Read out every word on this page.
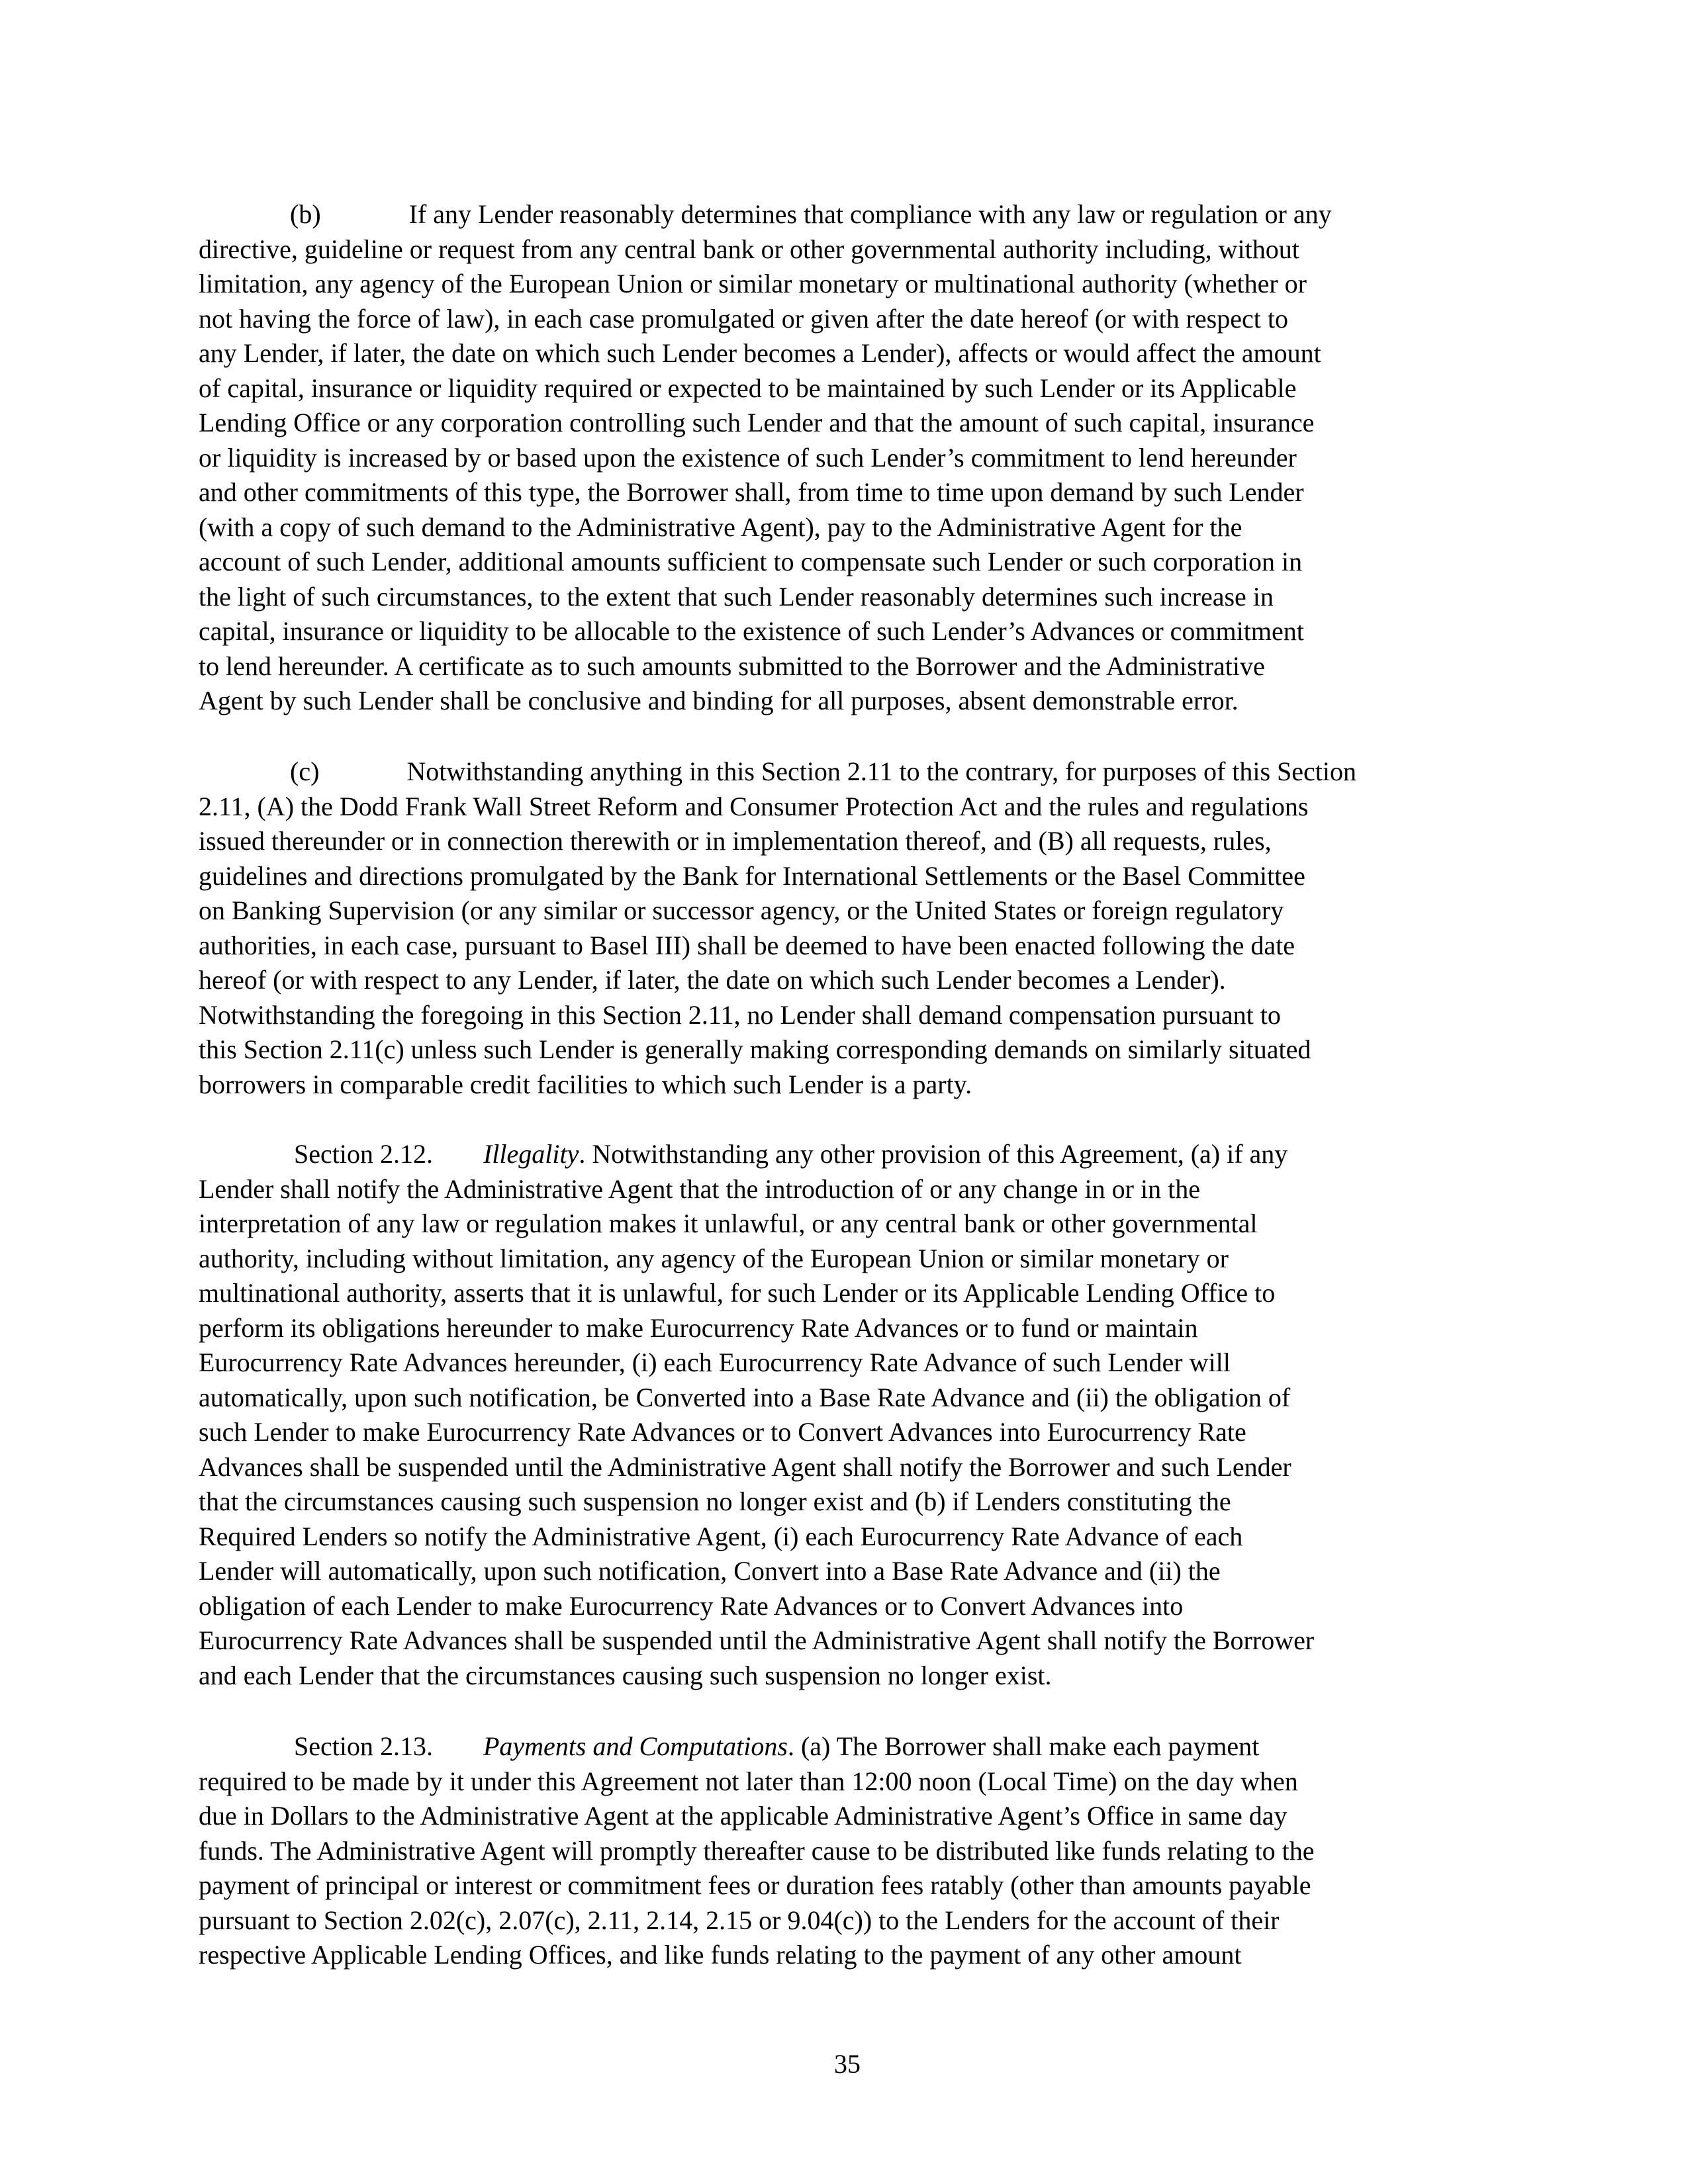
(b)	If any Lender reasonably determines that compliance with any law or regulation or any
directive, guideline or request from any central bank or other governmental authority including, without
limitation, any agency of the European Union or similar monetary or multinational authority (whether or
not having the force of law), in each case promulgated or given after the date hereof (or with respect to
any Lender, if later, the date on which such Lender becomes a Lender), affects or would affect the amount
of capital, insurance or liquidity required or expected to be maintained by such Lender or its Applicable
Lending Office or any corporation controlling such Lender and that the amount of such capital, insurance
or liquidity is increased by or based upon the existence of such Lender’s commitment to lend hereunder
and other commitments of this type, the Borrower shall, from time to time upon demand by such Lender
(with a copy of such demand to the Administrative Agent), pay to the Administrative Agent for the
account of such Lender, additional amounts sufficient to compensate such Lender or such corporation in
the light of such circumstances, to the extent that such Lender reasonably determines such increase in
capital, insurance or liquidity to be allocable to the existence of such Lender’s Advances or commitment
to lend hereunder. A certificate as to such amounts submitted to the Borrower and the Administrative
Agent by such Lender shall be conclusive and binding for all purposes, absent demonstrable error.
(c)	Notwithstanding anything in this Section 2.11 to the contrary, for purposes of this Section
2.11, (A) the Dodd Frank Wall Street Reform and Consumer Protection Act and the rules and regulations
issued thereunder or in connection therewith or in implementation thereof, and (B) all requests, rules,
guidelines and directions promulgated by the Bank for International Settlements or the Basel Committee
on Banking Supervision (or any similar or successor agency, or the United States or foreign regulatory
authorities, in each case, pursuant to Basel III) shall be deemed to have been enacted following the date
hereof (or with respect to any Lender, if later, the date on which such Lender becomes a Lender).
Notwithstanding the foregoing in this Section 2.11, no Lender shall demand compensation pursuant to
this Section 2.11(c) unless such Lender is generally making corresponding demands on similarly situated
borrowers in comparable credit facilities to which such Lender is a party.
Section 2.12. Illegality. Notwithstanding any other provision of this Agreement, (a) if any
Lender shall notify the Administrative Agent that the introduction of or any change in or in the
interpretation of any law or regulation makes it unlawful, or any central bank or other governmental
authority, including without limitation, any agency of the European Union or similar monetary or
multinational authority, asserts that it is unlawful, for such Lender or its Applicable Lending Office to
perform its obligations hereunder to make Eurocurrency Rate Advances or to fund or maintain
Eurocurrency Rate Advances hereunder, (i) each Eurocurrency Rate Advance of such Lender will
automatically, upon such notification, be Converted into a Base Rate Advance and (ii) the obligation of
such Lender to make Eurocurrency Rate Advances or to Convert Advances into Eurocurrency Rate
Advances shall be suspended until the Administrative Agent shall notify the Borrower and such Lender
that the circumstances causing such suspension no longer exist and (b) if Lenders constituting the
Required Lenders so notify the Administrative Agent, (i) each Eurocurrency Rate Advance of each
Lender will automatically, upon such notification, Convert into a Base Rate Advance and (ii) the
obligation of each Lender to make Eurocurrency Rate Advances or to Convert Advances into
Eurocurrency Rate Advances shall be suspended until the Administrative Agent shall notify the Borrower
and each Lender that the circumstances causing such suspension no longer exist.
Section 2.13. Payments and Computations. (a) The Borrower shall make each payment
required to be made by it under this Agreement not later than 12:00 noon (Local Time) on the day when
due in Dollars to the Administrative Agent at the applicable Administrative Agent’s Office in same day
funds. The Administrative Agent will promptly thereafter cause to be distributed like funds relating to the
payment of principal or interest or commitment fees or duration fees ratably (other than amounts payable
pursuant to Section 2.02(c), 2.07(c), 2.11, 2.14, 2.15 or 9.04(c)) to the Lenders for the account of their
respective Applicable Lending Offices, and like funds relating to the payment of any other amount
35
